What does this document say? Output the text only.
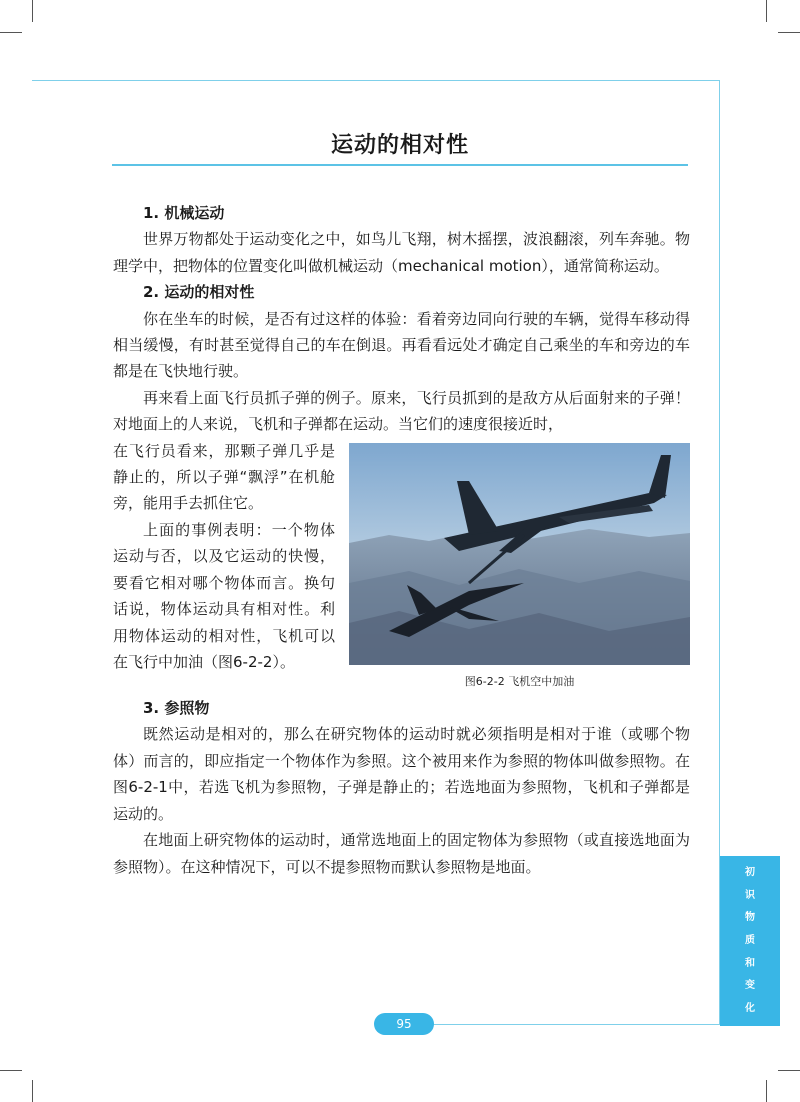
运动的相对性
1. 机械运动

世界万物都处于运动变化之中，如鸟儿飞翔，树木摇摆，波浪翻滚，列车奔驰。物理学中，把物体的位置变化叫做机械运动（mechanical motion），通常简称运动。

2. 运动的相对性

你在坐车的时候，是否有过这样的体验：看着旁边同向行驶的车辆，觉得车移动得相当缓慢，有时甚至觉得自己的车在倒退。再看看远处才确定自己乘坐的车和旁边的车都是在飞快地行驶。

再来看上面飞行员抓子弹的例子。原来，飞行员抓到的是敌方从后面射来的子弹！对地面上的人来说，飞机和子弹都在运动。当它们的速度很接近时，

在飞行员看来，那颗子弹几乎是静止的，所以子弹“飘浮”在机舱旁，能用手去抓住它。

上面的事例表明：一个物体运动与否，以及它运动的快慢，要看它相对哪个物体而言。换句话说，物体运动具有相对性。利用物体运动的相对性，飞机可以在飞行中加油（图6-2-2）。

图6-2-2 飞机空中加油
3. 参照物

既然运动是相对的，那么在研究物体的运动时就必须指明是相对于谁（或哪个物体）而言的，即应指定一个物体作为参照。这个被用来作为参照的物体叫做参照物。在图6-2-1中，若选飞机为参照物，子弹是静止的；若选地面为参照物，飞机和子弹都是运动的。

在地面上研究物体的运动时，通常选地面上的固定物体为参照物（或直接选地面为参照物）。在这种情况下，可以不提参照物而默认参照物是地面。	初
识
物
质
和
变
化
95
